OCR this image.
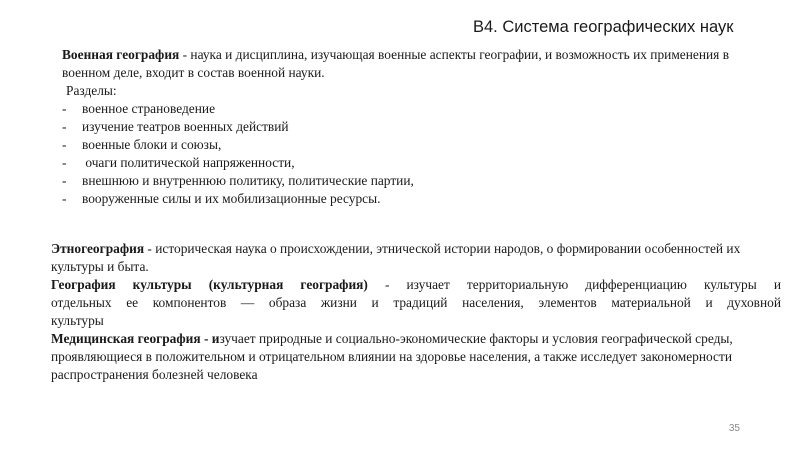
В4. Система географических наук

Военная география - наука и дисциплина, изучающая военные аспекты географии, и возможность их применения в военном деле, входит в состав военной науки.

Разделы:

- военное страноведение
- изучение театров военных действий
- военные блоки и союзы,
-  очаги политической напряженности,
- внешнюю и внутреннюю политику, политические партии,
- вооруженные силы и их мобилизационные ресурсы.

Этногеография - историческая наука о происхождении, этнической истории народов, о формировании особенностей их культуры и быта.

География культуры (культурная география) - изучает территориальную дифференциацию культуры и
отдельных ее компонентов — образа жизни и традиций населения, элементов материальной и духовной
культуры

Медицинская география - изучает природные и социально-экономические факторы и условия географической среды, проявляющиеся в положительном и отрицательном влиянии на здоровье населения, а также исследует закономерности распространения болезней человека

35
